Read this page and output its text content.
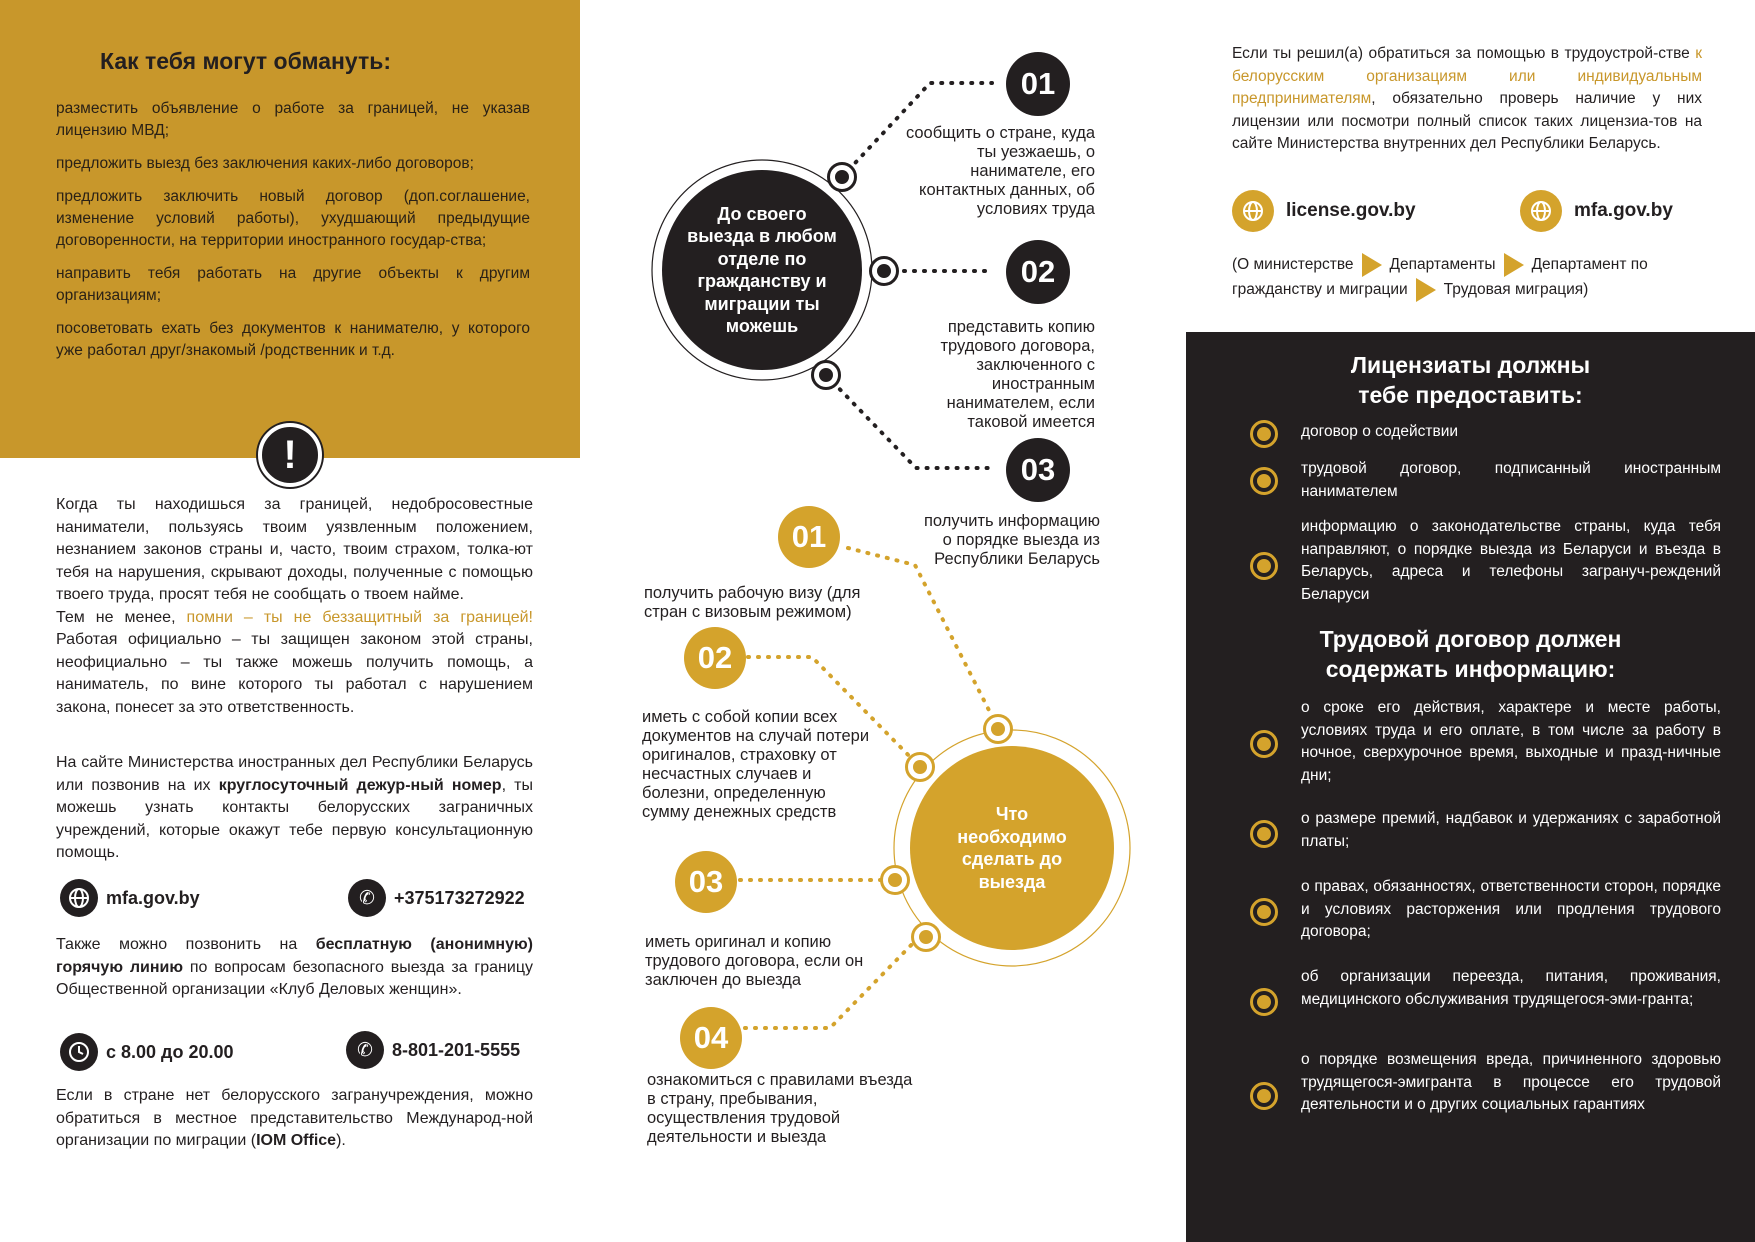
Как тебя могут обмануть:

разместить объявление о работе за границей, не указав лицензию МВД;

предложить выезд без заключения каких-либо договоров;

предложить заключить новый договор (доп.соглашение, изменение условий работы), ухудшающий предыдущие договоренности, на территории иностранного государ-ства;

направить тебя работать на другие объекты к другим организациям;

посоветовать ехать без документов к нанимателю, у которого уже работал друг/знакомый /родственник и т.д.

!
Когда ты находишься за границей, недобросовестные наниматели, пользуясь твоим уязвленным положением, незнанием законов страны и, часто, твоим страхом, толка-ют тебя на нарушения, скрывают доходы, полученные с помощью твоего труда, просят тебя не сообщать о твоем найме.
Тем не менее, помни – ты не беззащитный за границей! Работая официально – ты защищен законом этой страны, неофициально – ты также можешь получить помощь, а наниматель, по вине которого ты работал с нарушением закона, понесет за это ответственность.
На сайте Министерства иностранных дел Республики Беларусь или позвонив на их круглосуточный дежур-ный номер, ты можешь узнать контакты белорусских заграничных учреждений, которые окажут тебе первую консультационную помощь.
mfa.gov.by	✆	+375173272922
Также можно позвонить на бесплатную (анонимную) горячую линию по вопросам безопасного выезда за границу Общественной организации «Клуб Деловых женщин».
с 8.00 до 20.00	✆	8-801-201-5555
Если в стране нет белорусского загранучреждения, можно обратиться в местное представительство Международ-ной организации по миграции (IOM Office).
До своего выезда в любом отделе по гражданству и миграции ты можешь
01
02
03
сообщить о стране, куда ты уезжаешь, о нанимателе, его контактных данных, об условиях труда
представить копию трудового договора, заключенного с иностранным нанимателем, если таковой имеется
получить информацию о порядке выезда из Республики Беларусь
Что необходимо сделать до выезда
01
02
03
04
получить рабочую визу (для стран с визовым режимом)
иметь с собой копии всех документов на случай потери оригиналов, страховку от несчастных случаев и болезни, определенную сумму денежных средств
иметь оригинал и копию трудового договора, если он заключен до выезда
ознакомиться с правилами въезда в страну, пребывания, осуществления трудовой деятельности и выезда
Если ты решил(а) обратиться за помощью в трудоустрой-стве к белорусским организациям или индивидуальным предпринимателям, обязательно проверь наличие у них лицензии или посмотри полный список таких лицензиа-тов на сайте Министерства внутренних дел Республики Беларусь.
license.gov.by	mfa.gov.by
(О министерстве Департаменты Департамент по гражданству и миграции Трудовая миграция)
Лицензиаты должны тебе предоставить:
договор о содействии
трудовой договор, подписанный иностранным нанимателем
информацию о законодательстве страны, куда тебя направляют, о порядке выезда из Беларуси и въезда в Беларусь, адреса и телефоны загрануч-реждений Беларуси
Трудовой договор должен содержать информацию:
о сроке его действия, характере и месте работы, условиях труда и его оплате, в том числе за работу в ночное, сверхурочное время, выходные и празд-ничные дни;
о размере премий, надбавок и удержаниях с заработной платы;
о правах, обязанностях, ответственности сторон, порядке и условиях расторжения или продления трудового договора;
об организации переезда, питания, проживания, медицинского обслуживания трудящегося-эми-гранта;
о порядке возмещения вреда, причиненного здоровью трудящегося-эмигранта в процессе его трудовой деятельности и о других социальных гарантиях
